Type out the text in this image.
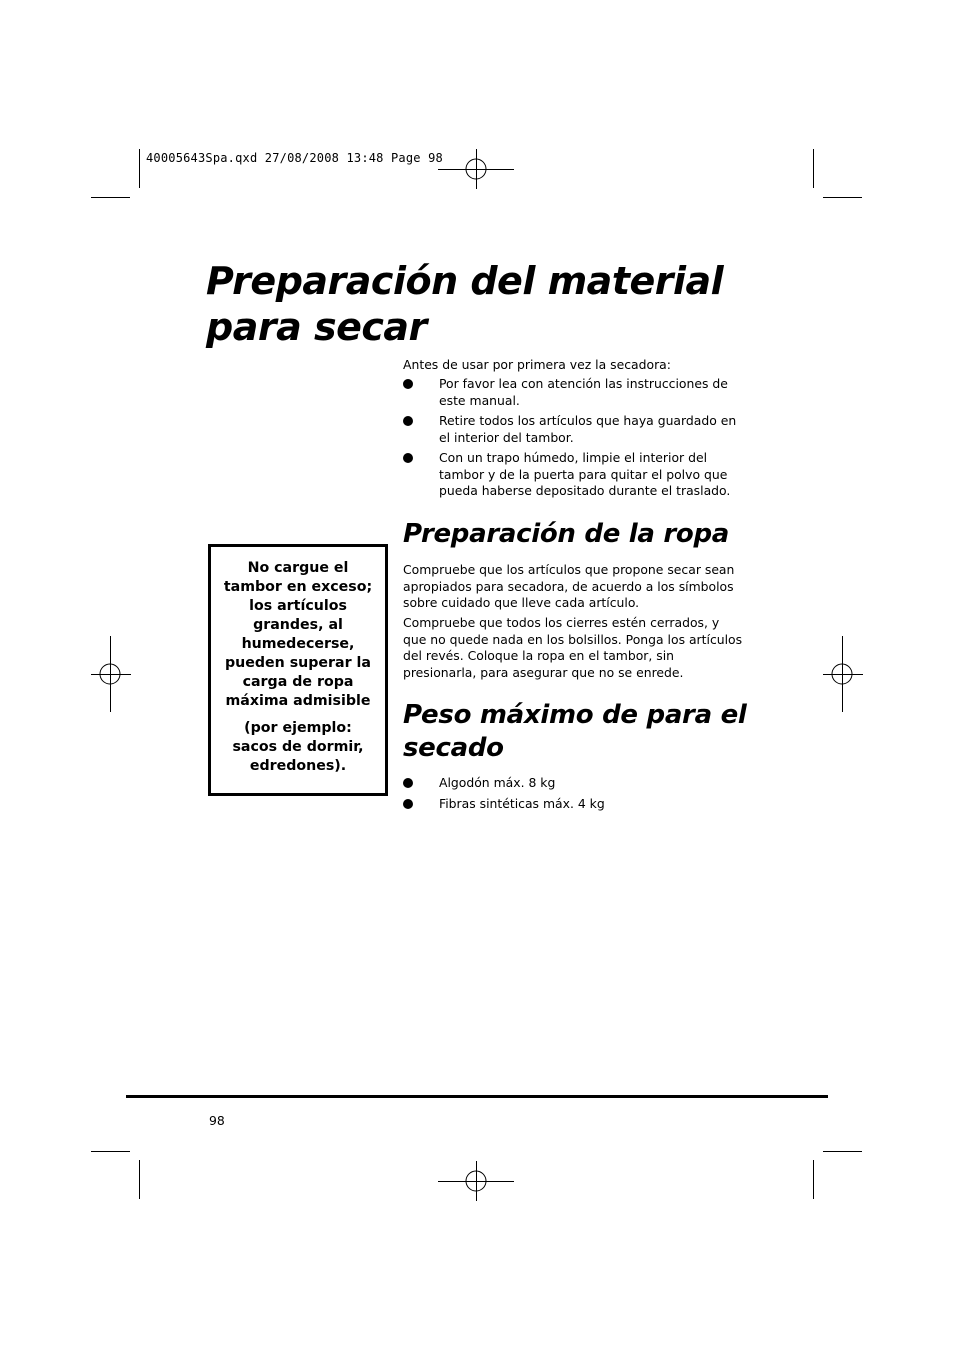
40005643Spa.qxd 27/08/2008 13:48 Page 98
Preparación del material para secar

Antes de usar por primera vez la secadora:

Por favor lea con atención las instrucciones de este manual.
Retire todos los artículos que haya guardado en el interior del tambor.
Con un trapo húmedo, limpie el interior del tambor y de la puerta para quitar el polvo que pueda haberse depositado durante el traslado.
Preparación de la ropa

Compruebe que los artículos que propone secar sean apropiados para secadora, de acuerdo a los símbolos sobre cuidado que lleve cada artículo.

Compruebe que todos los cierres estén cerrados, y que no quede nada en los bolsillos. Ponga los artículos del revés. Coloque la ropa en el tambor, sin presionarla, para asegurar que no se enrede.

Peso máximo de para el secado
Algodón máx. 8 kg
Fibras sintéticas máx. 4 kg

No cargue el tambor en exceso; los artículos grandes, al humedecerse, pueden superar la carga de ropa máxima admisible

(por ejemplo: sacos de dormir, edredones).

98
